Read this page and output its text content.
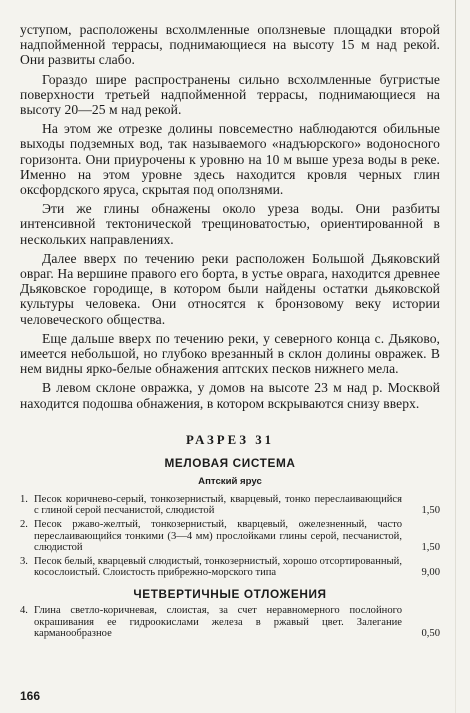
уступом, расположены всхолмленные оползневые площадки второй надпойменной террасы, поднимающиеся на высоту 15 м над рекой. Они развиты слабо.

Гораздо шире распространены сильно всхолмленные бугристые поверхности третьей надпойменной террасы, поднимающиеся на высоту 20—25 м над рекой.

На этом же отрезке долины повсеместно наблюдаются обильные выходы подземных вод, так называемого «надъюрского» водоносного горизонта. Они приурочены к уровню на 10 м выше уреза воды в реке. Именно на этом уровне здесь находится кровля черных глин оксфордского яруса, скрытая под оползнями.

Эти же глины обнажены около уреза воды. Они разбиты интенсивной тектонической трещиноватостью, ориентированной в нескольких направлениях.

Далее вверх по течению реки расположен Большой Дьяковский овраг. На вершине правого его борта, в устье оврага, находится древнее Дьяковское городище, в котором были найдены остатки дьяковской культуры человека. Они относятся к бронзовому веку истории человеческого общества.

Еще дальше вверх по течению реки, у северного конца с. Дьяково, имеется небольшой, но глубоко врезанный в склон долины овражек. В нем видны ярко-белые обнажения аптских песков нижнего мела.

В левом склоне овражка, у домов на высоте 23 м над р. Москвой находится подошва обнажения, в котором вскрываются снизу вверх.

РАЗРЕЗ 31
МЕЛОВАЯ СИСТЕМА
Аптский ярус
1. Песок коричнево-серый, тонкозернистый, кварцевый, тонко переслаивающийся с глиной серой песчанистой, слюдистой	1,50
2. Песок ржаво-желтый, тонкозернистый, кварцевый, ожелезненный, часто переслаивающийся тонкими (3—4 мм) прослойками глины серой, песчанистой, слюдистой	1,50
3. Песок белый, кварцевый слюдистый, тонкозернистый, хорошо отсортированный, косослоистый. Слоистость прибрежно-морского типа	9,00
ЧЕТВЕРТИЧНЫЕ ОТЛОЖЕНИЯ
4. Глина светло-коричневая, слоистая, за счет неравномерного послойного окрашивания ее гидроокислами железа в ржавый цвет. Залегание карманообразное	0,50
166
